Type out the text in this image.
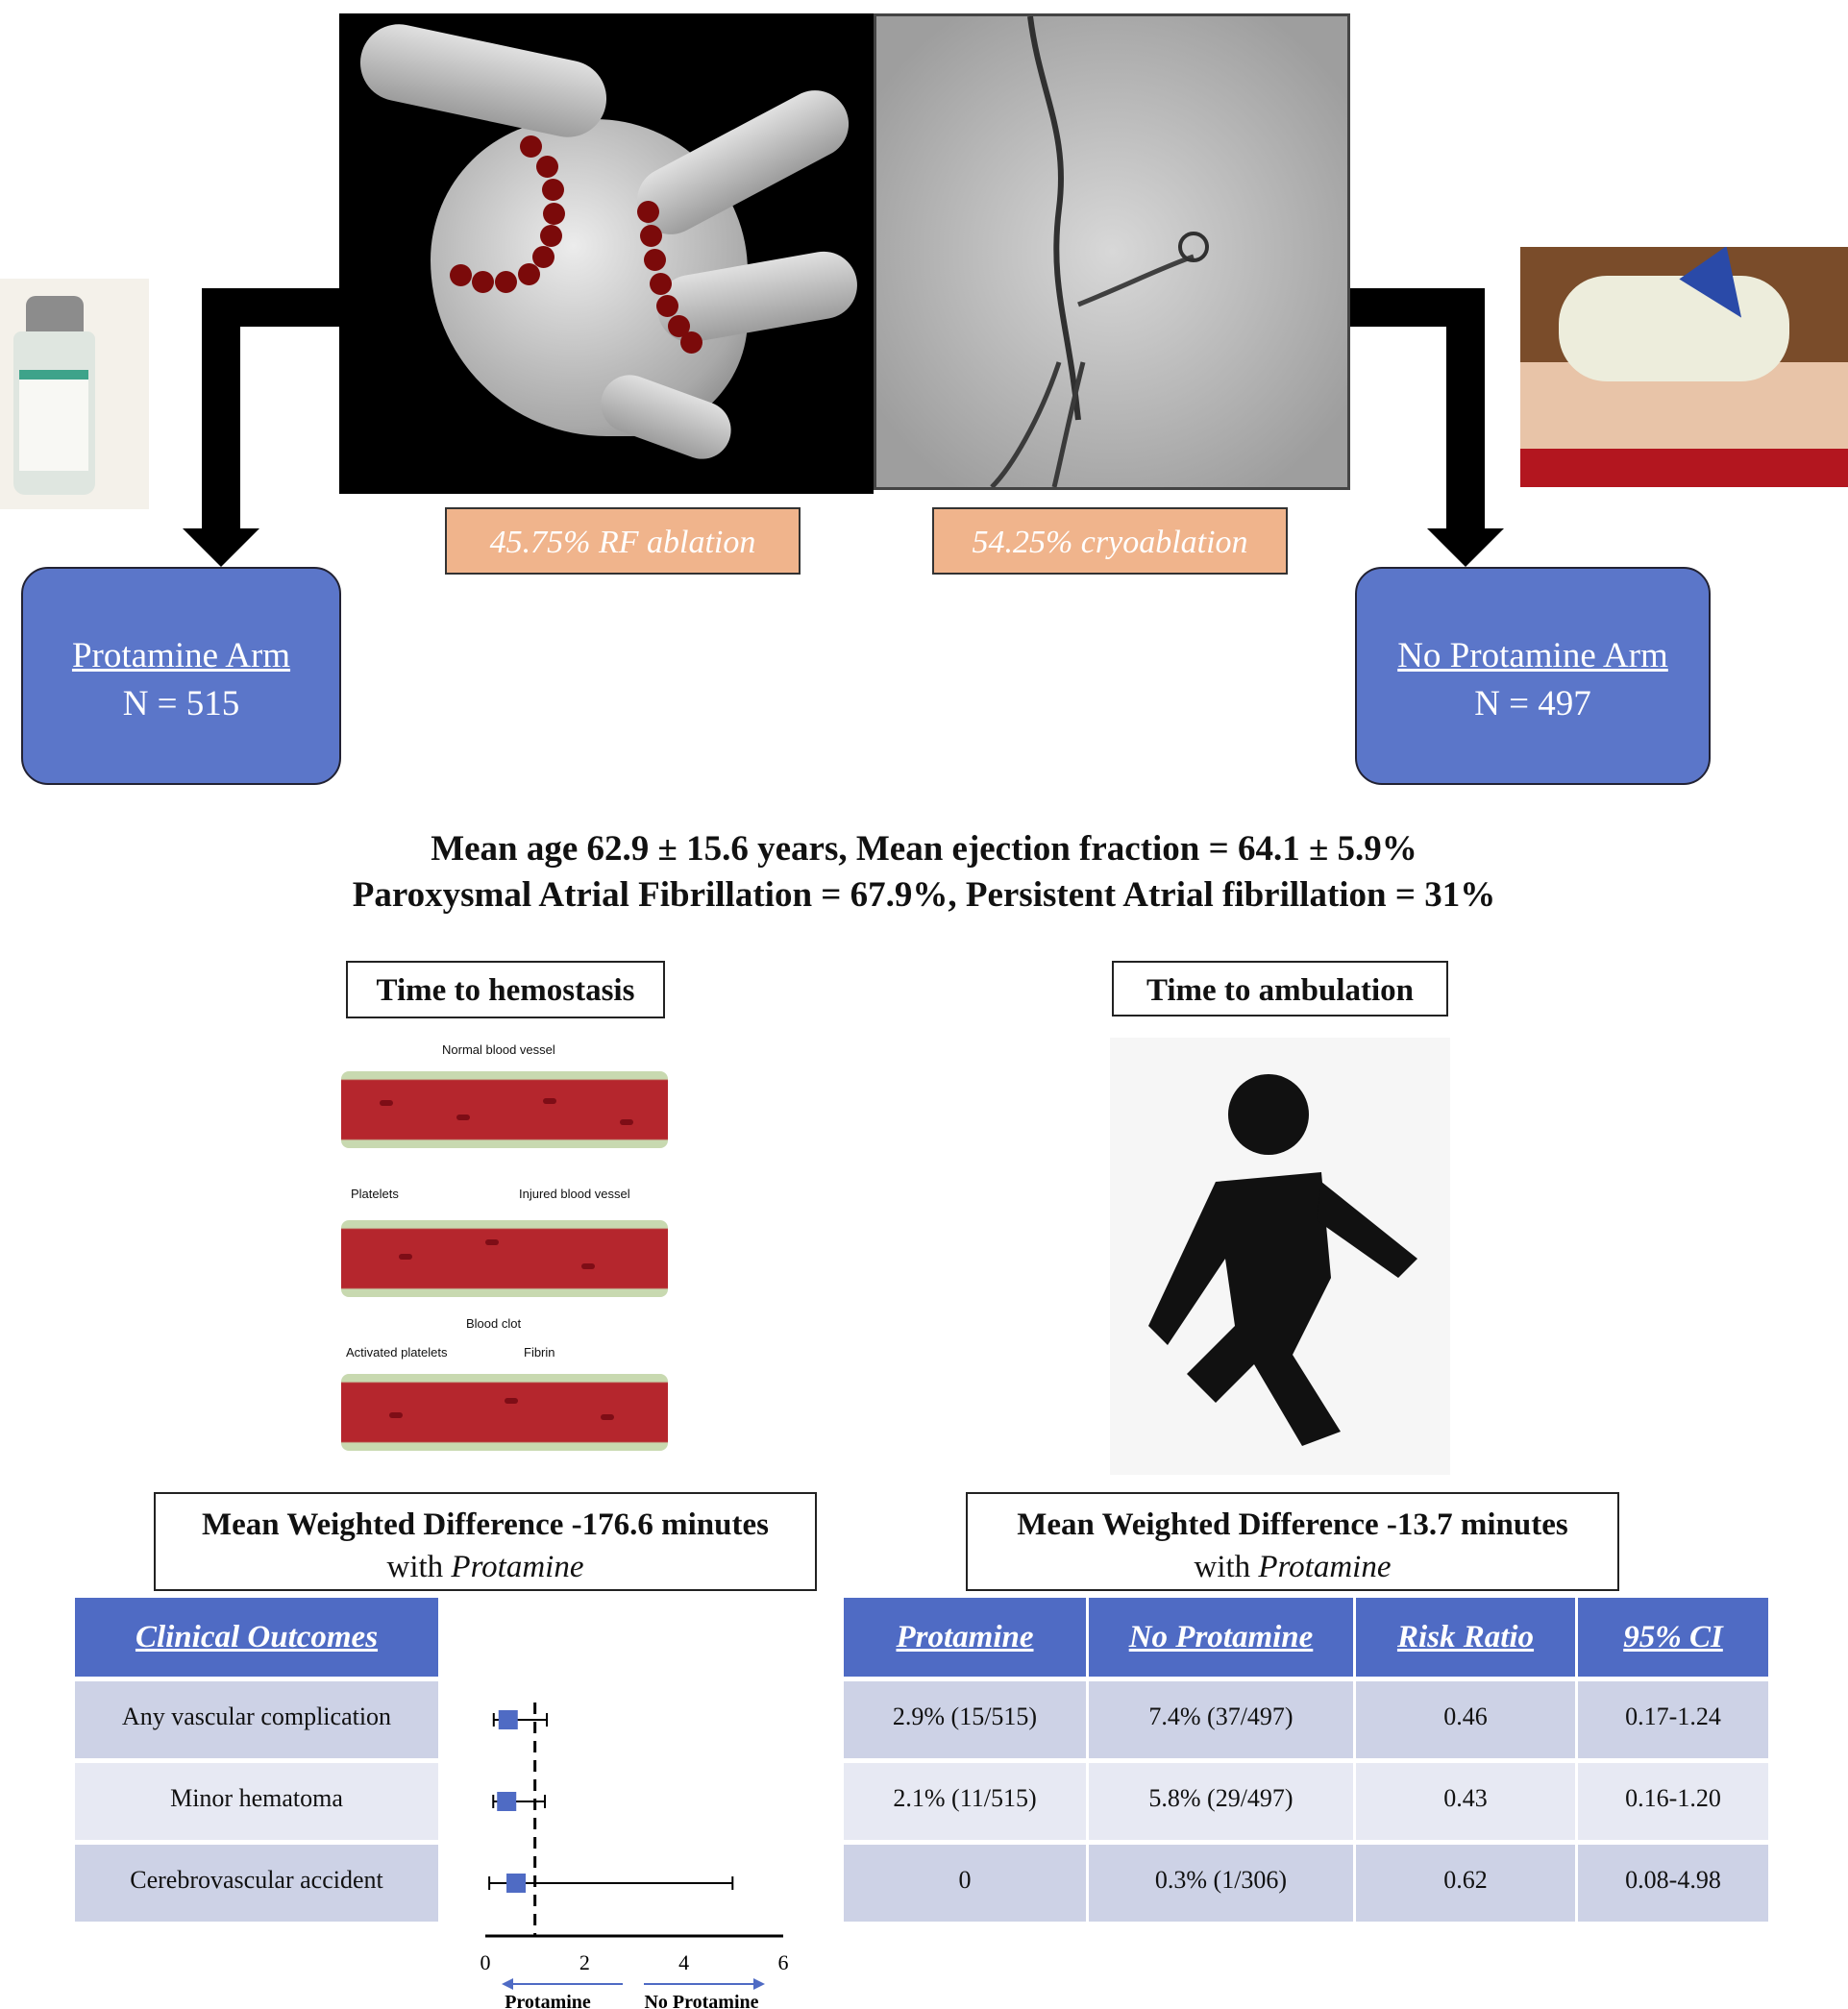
45.75% RF ablation	54.25% cryoablation
Protamine Arm
N = 515
No Protamine Arm
N = 497
Mean age 62.9 ± 15.6 years, Mean ejection fraction = 64.1 ± 5.9%
Paroxysmal Atrial Fibrillation = 67.9%, Persistent Atrial fibrillation = 31%
Time to hemostasis
Normal blood vessel
Platelets	Injured blood vessel
Blood clot
Activated platelets	Fibrin
Mean Weighted Difference -176.6 minutes
with Protamine
Time to ambulation
Mean Weighted Difference -13.7 minutes
with Protamine
Clinical Outcomes
Any vascular complication
Minor hematoma
Cerebrovascular accident
0	2	4	6
Protamine	No Protamine
Protamine	No Protamine	Risk Ratio	95% CI
2.9% (15/515)	7.4% (37/497)	0.46	0.17-1.24
2.1% (11/515)	5.8% (29/497)	0.43	0.16-1.20
0	0.3% (1/306)	0.62	0.08-4.98
